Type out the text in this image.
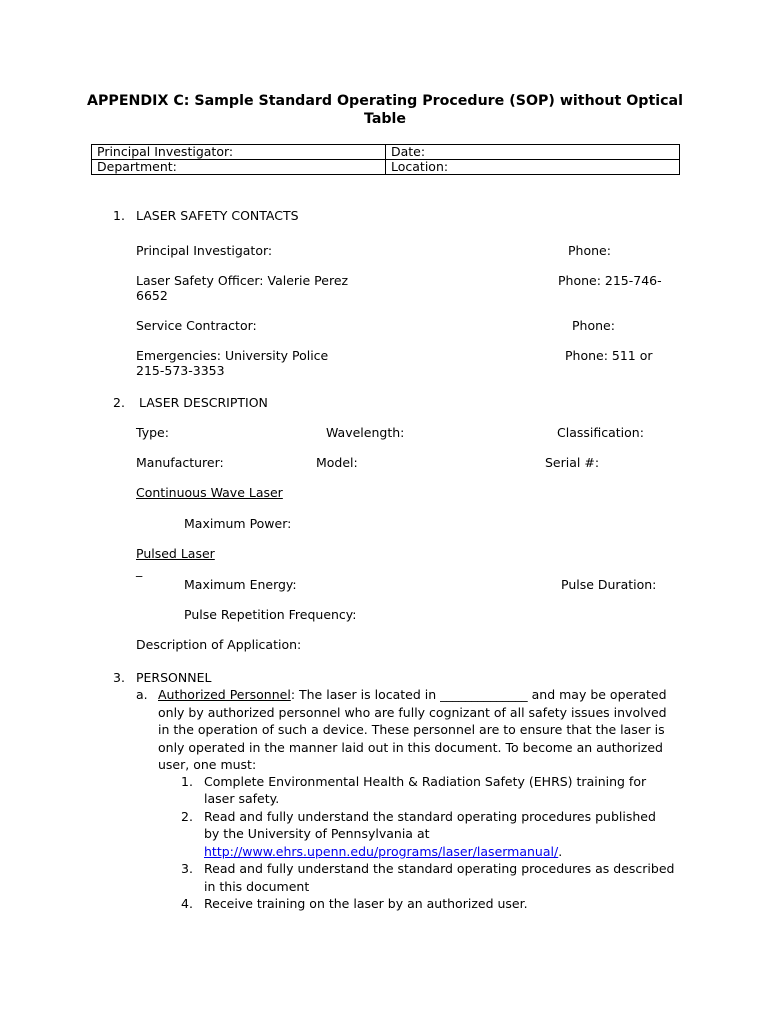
APPENDIX C: Sample Standard Operating Procedure (SOP) without Optical
Table
Principal Investigator:	Date:
Department:	Location:
1. LASER SAFETY CONTACTS
Principal Investigator:	Phone:
Laser Safety Officer: Valerie Perez	Phone: 215-746-
6652
Service Contractor:	Phone:
Emergencies: University Police	Phone: 511 or
215-573-3353
2. LASER DESCRIPTION
Type:	Wavelength:	Classification:
Manufacturer:	Model:	Serial #:
Continuous Wave Laser
Maximum Power:
Pulsed Laser
_
Maximum Energy:	Pulse Duration:
Pulse Repetition Frequency:
Description of Application:
3. PERSONNEL
a. Authorized Personnel: The laser is located in ______________ and may be operated
only by authorized personnel who are fully cognizant of all safety issues involved
in the operation of such a device. These personnel are to ensure that the laser is
only operated in the manner laid out in this document. To become an authorized
user, one must:
1. Complete Environmental Health & Radiation Safety (EHRS) training for
laser safety.
2. Read and fully understand the standard operating procedures published
by the University of Pennsylvania at
http://www.ehrs.upenn.edu/programs/laser/lasermanual/.
3. Read and fully understand the standard operating procedures as described
in this document
4. Receive training on the laser by an authorized user.
